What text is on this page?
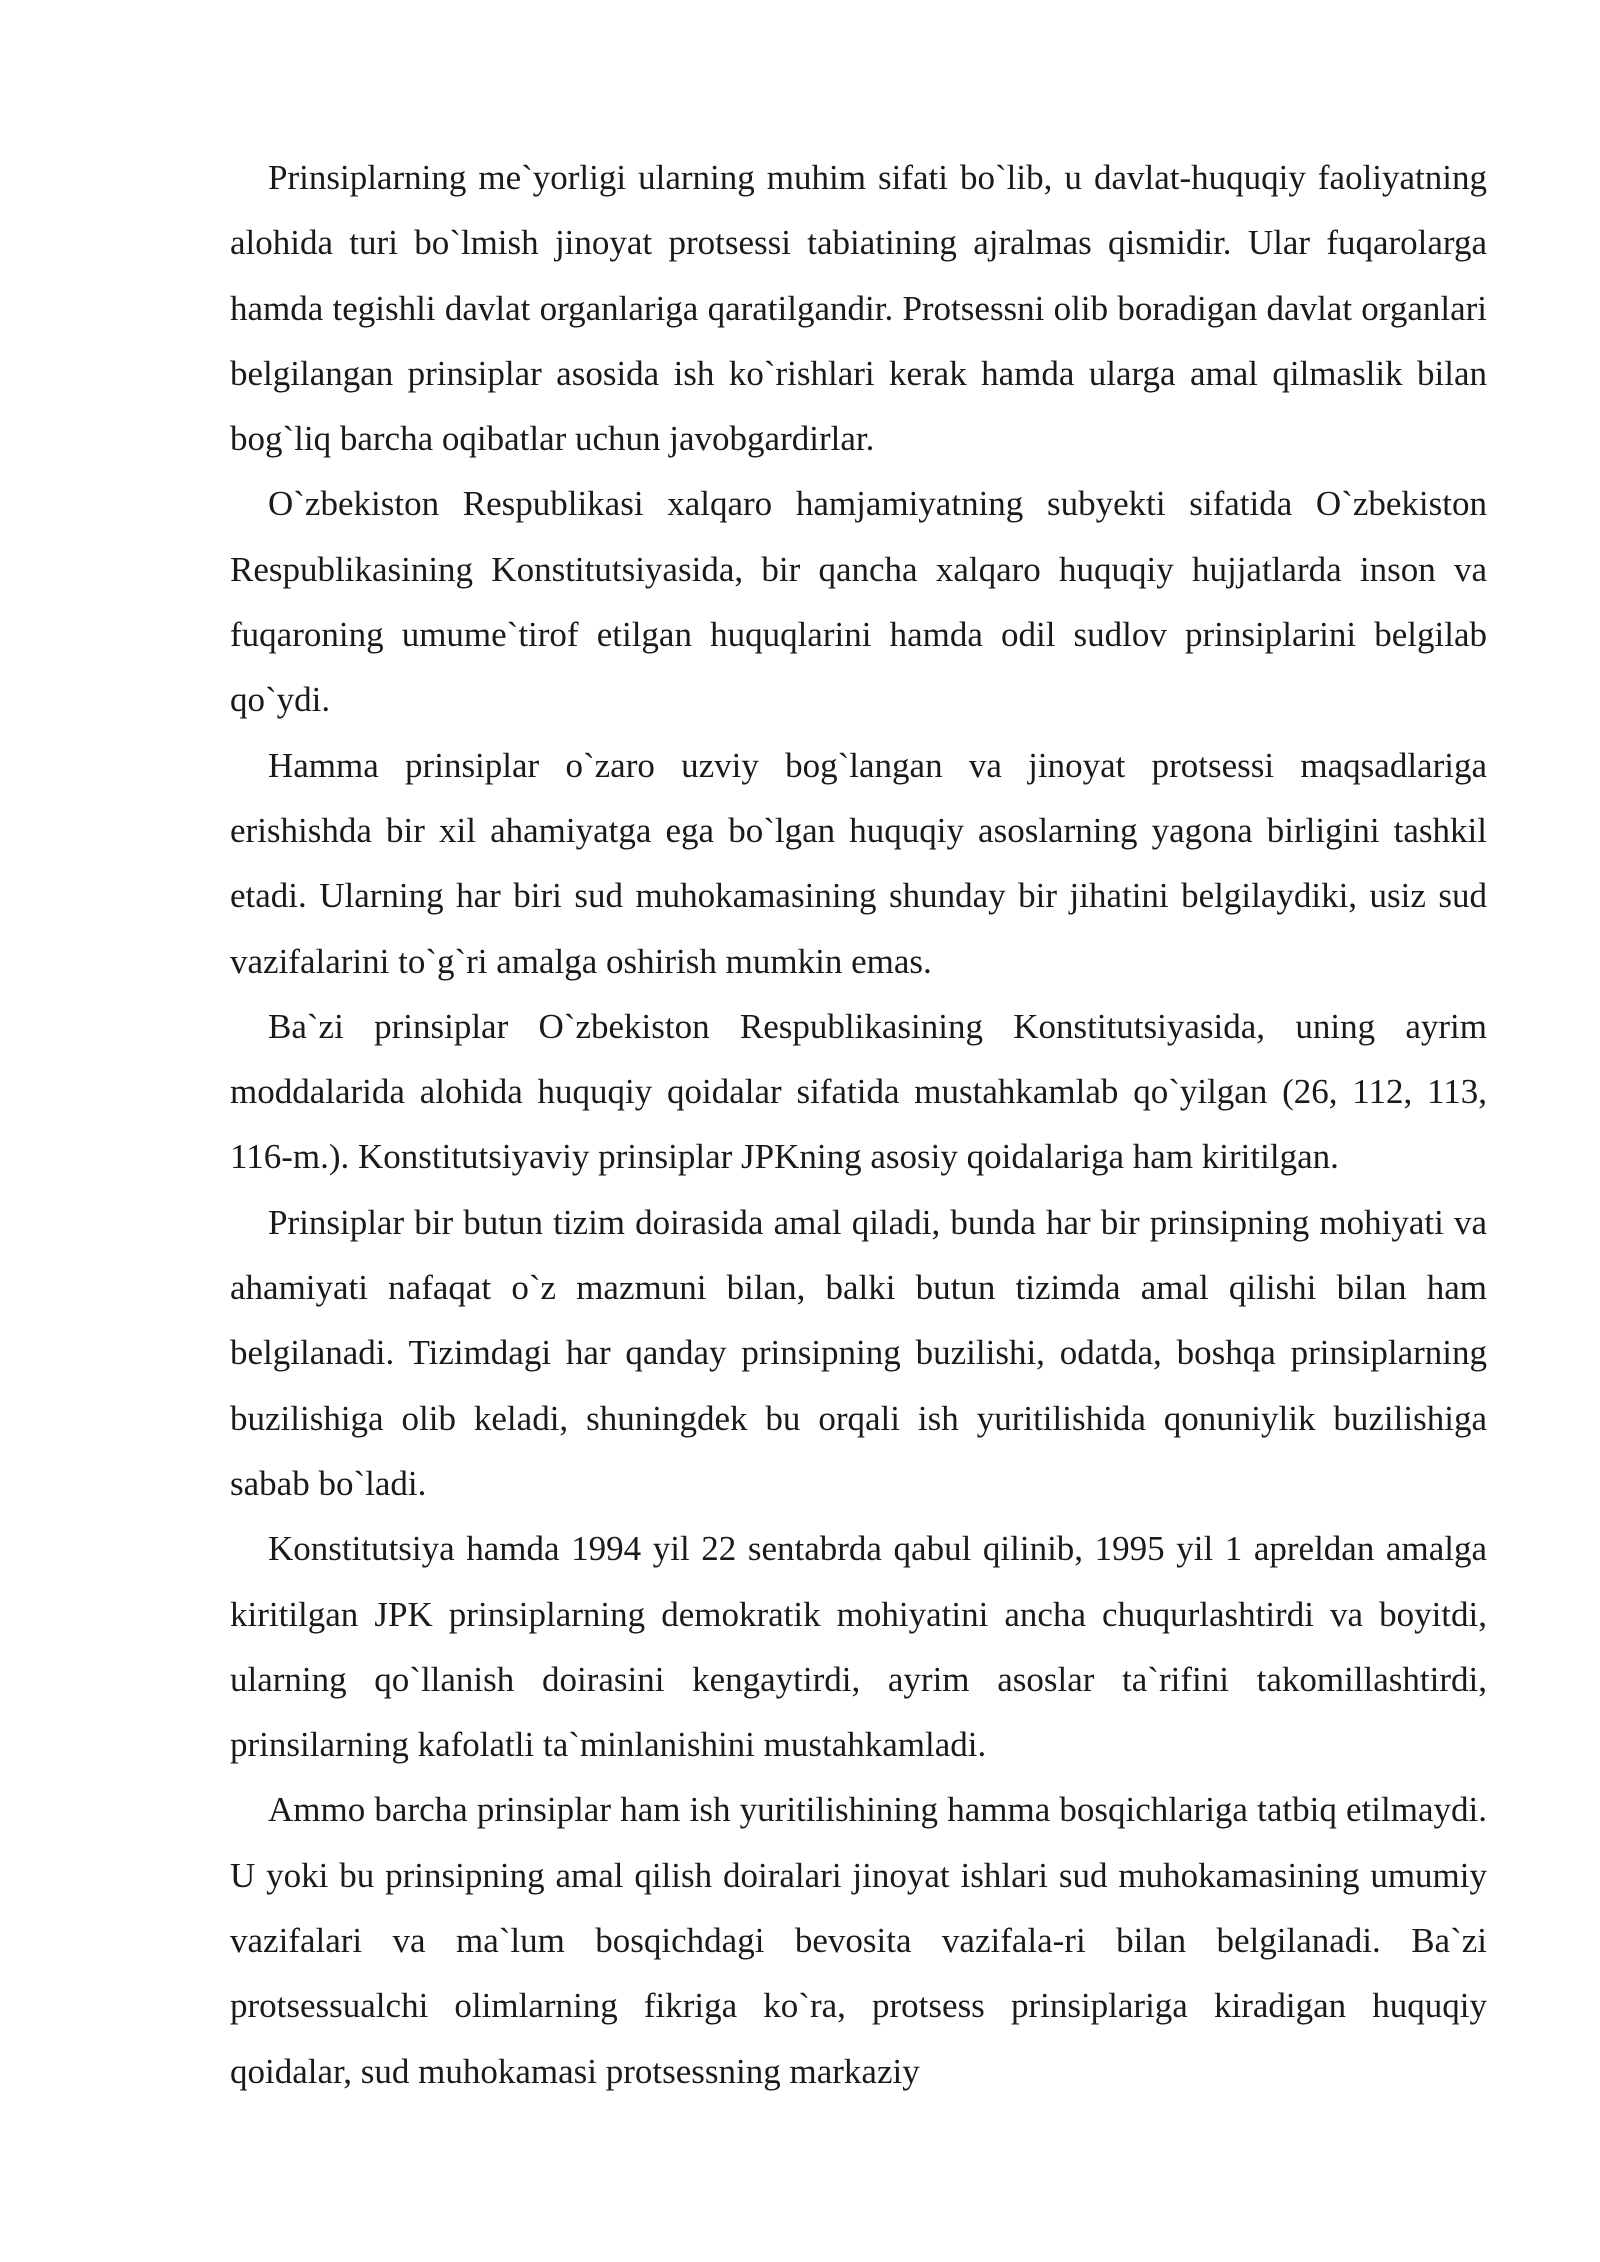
Prinsiplarning me`yorligi ularning muhim sifati bo`lib, u davlat-huquqiy faoliyatning alohida turi bo`lmish jinoyat protsessi tabiatining ajralmas qismidir. Ular fuqarolarga hamda tegishli davlat organlariga qaratilgandir. Protsessni olib boradigan davlat organlari belgilangan prinsiplar asosida ish ko`rishlari kerak hamda ularga amal qilmaslik bilan bog`liq barcha oqibatlar uchun javobgardirlar.

O`zbekiston Respublikasi xalqaro hamjamiyatning subyekti sifatida O`zbekiston Respublikasining Konstitutsiyasida, bir qancha xalqaro huquqiy hujjatlarda inson va fuqaroning umume`tirof etilgan huquqlarini hamda odil sudlov prinsiplarini belgilab qo`ydi.

Hamma prinsiplar o`zaro uzviy bog`langan va jinoyat protsessi maqsadlariga erishishda bir xil ahamiyatga ega bo`lgan huquqiy asoslarning yagona birligini tashkil etadi. Ularning har biri sud muhokamasining shunday bir jihatini belgilaydiki, usiz sud vazifalarini to`g`ri amalga oshirish mumkin emas.

Ba`zi prinsiplar O`zbekiston Respublikasining Konstitutsiyasida, uning ayrim moddalarida alohida huquqiy qoidalar sifatida mustahkamlab qo`yilgan (26, 112, 113, 116-m.). Konstitutsiyaviy prinsiplar JPKning asosiy qoidalariga ham kiritilgan.

Prinsiplar bir butun tizim doirasida amal qiladi, bunda har bir prinsipning mohiyati va ahamiyati nafaqat o`z mazmuni bilan, balki butun tizimda amal qilishi bilan ham belgilanadi. Tizimdagi har qanday prinsipning buzilishi, odatda, boshqa prinsiplarning buzilishiga olib keladi, shuningdek bu orqali ish yuritilishida qonuniylik buzilishiga sabab bo`ladi.

Konstitutsiya hamda 1994 yil 22 sentabrda qabul qilinib, 1995 yil 1 apreldan amalga kiritilgan JPK prinsiplarning demokratik mohiyatini ancha chuqurlashtirdi va boyitdi, ularning qo`llanish doirasini kengaytirdi, ayrim asoslar ta`rifini takomillashtirdi, prinsilarning kafolatli ta`minlanishini mustahkamladi.

Ammo barcha prinsiplar ham ish yuritilishining hamma bosqichlariga tatbiq etilmaydi. U yoki bu prinsipning amal qilish doiralari jinoyat ishlari sud muhokamasining umumiy vazifalari va ma`lum bosqichdagi bevosita vazifala-ri bilan belgilanadi. Ba`zi protsessualchi olimlarning fikriga ko`ra, protsess prinsiplariga kiradigan huquqiy qoidalar, sud muhokamasi protsessning markaziy
